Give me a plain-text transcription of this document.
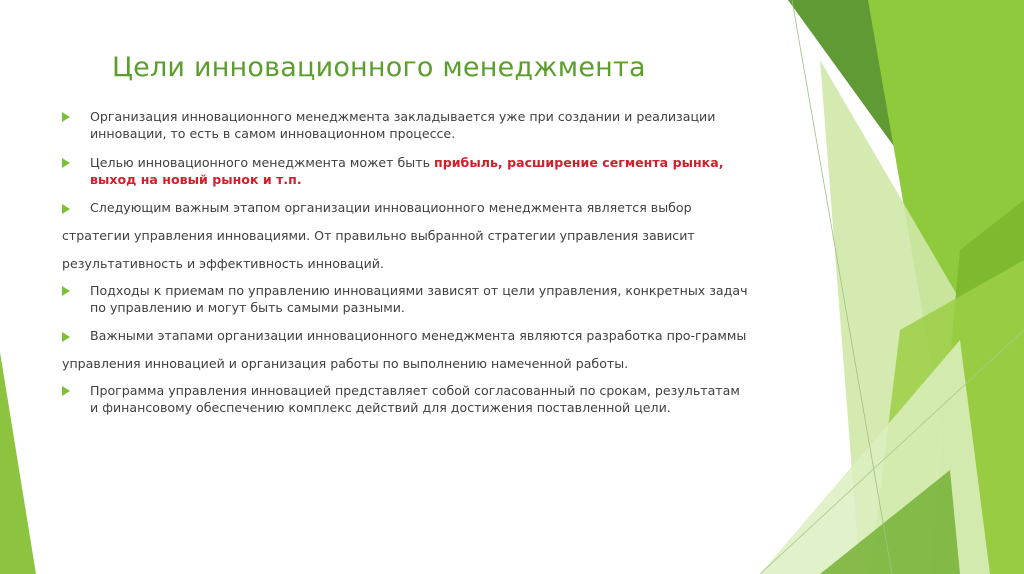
Цели инновационного менеджмента

Организация инновационного менеджмента закладывается уже при создании и реализации инновации, то есть в самом инновационном процессе.

Целью инновационного менеджмента может быть прибыль, расширение сегмента рынка, выход на новый рынок и т.п.

Следующим важным этапом организации инновационного менеджмента является выбор стратегии управления инновациями. От правильно выбранной стратегии управления зависит результативность и эффективность инноваций.

Подходы к приемам по управлению инновациями зависят от цели управления, конкретных задач по управлению и могут быть самыми разными.

Важными этапами организации инновационного менеджмента являются разработка про-граммы управления инновацией и организация работы по выполнению намеченной работы.

Программа управления инновацией представляет собой согласованный по срокам, результатам и финансовому обеспечению комплекс действий для достижения поставленной цели.
